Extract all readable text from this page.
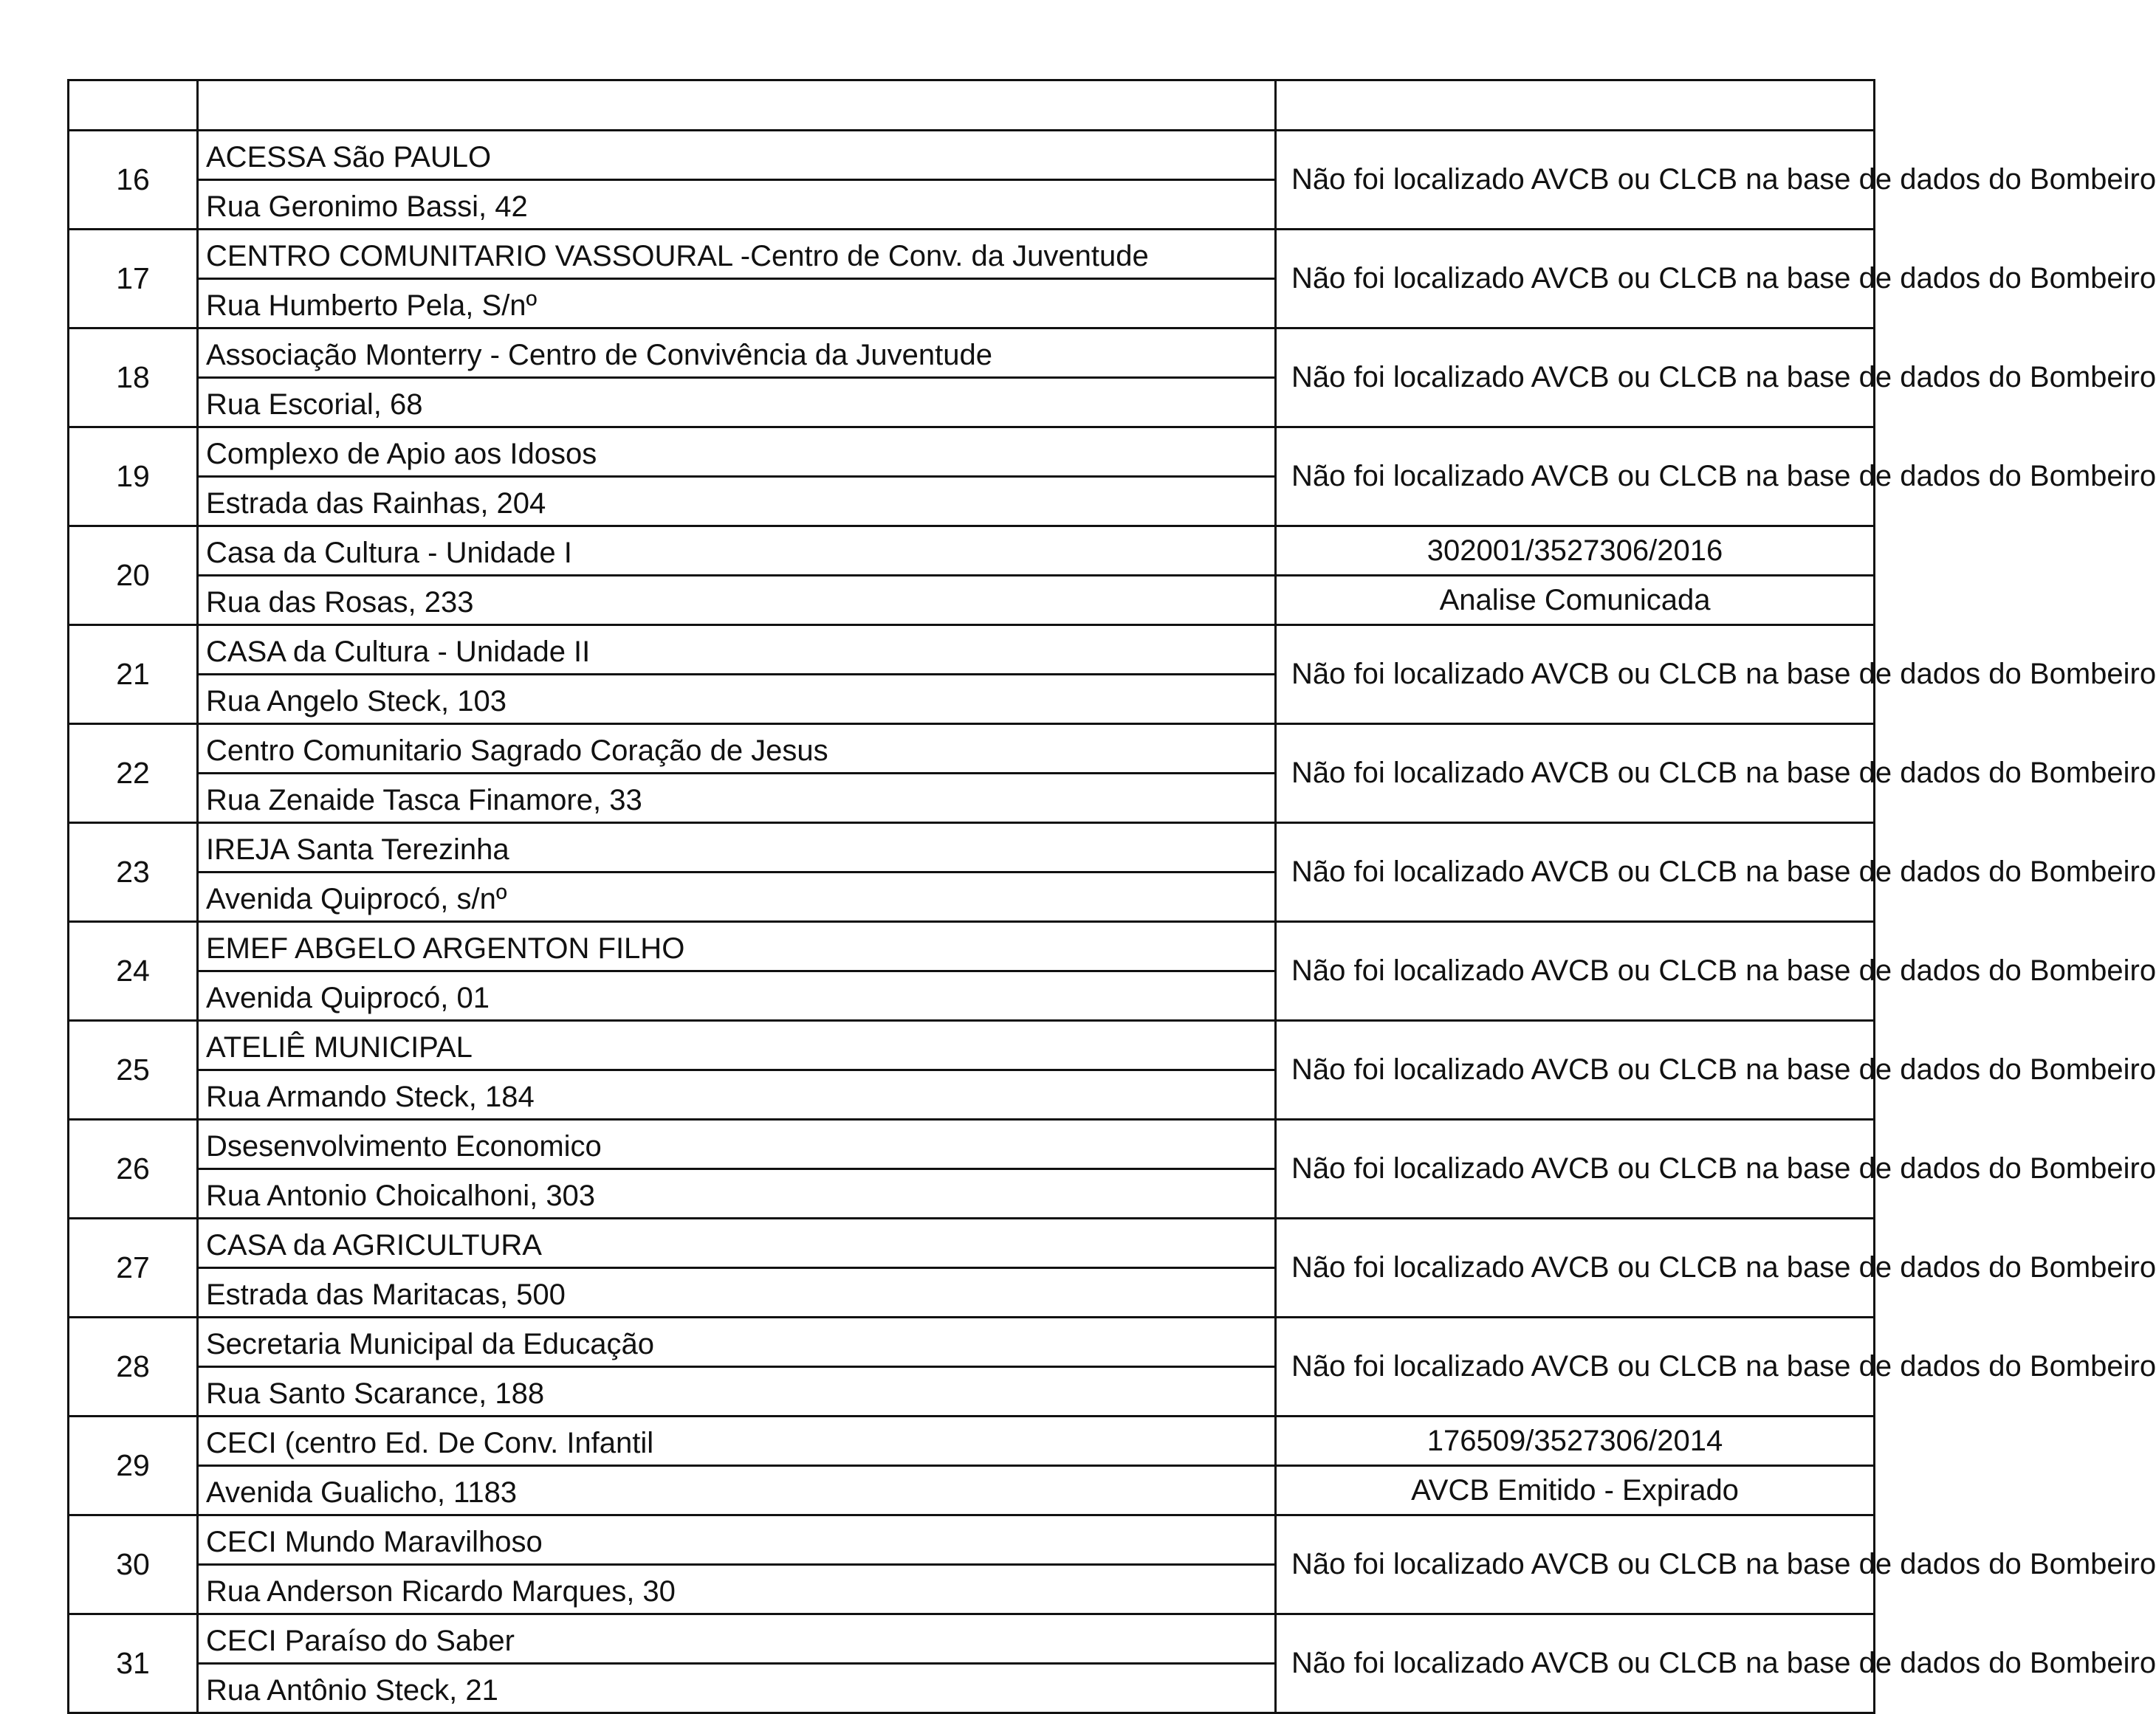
16	ACESSA São PAULO	Não foi localizado AVCB ou CLCB na base de dados do Bombeiro

	Rua Geronimo Bassi, 42	
17	CENTRO COMUNITARIO VASSOURAL -Centro de Conv. da Juventude	Não foi localizado AVCB ou CLCB na base de dados do Bombeiro

	Rua Humberto Pela, S/nº	
18	Associação Monterry - Centro de Convivência da Juventude	Não foi localizado AVCB ou CLCB na base de dados do Bombeiro

	Rua Escorial, 68	
19	Complexo de Apio aos Idosos	Não foi localizado AVCB ou CLCB na base de dados do Bombeiro

	Estrada das Rainhas, 204	
20	Casa da Cultura - Unidade I	302001/3527306/2016
	Rua das Rosas, 233	Analise Comunicada
21	CASA da Cultura - Unidade II	Não foi localizado AVCB ou CLCB na base de dados do Bombeiro

	Rua Angelo Steck, 103	
22	Centro Comunitario Sagrado Coração de Jesus	Não foi localizado AVCB ou CLCB na base de dados do Bombeiro

	Rua Zenaide Tasca Finamore, 33	
23	IREJA Santa Terezinha	Não foi localizado AVCB ou CLCB na base de dados do Bombeiro

	Avenida Quiprocó, s/nº	
24	EMEF ABGELO ARGENTON FILHO	Não foi localizado AVCB ou CLCB na base de dados do Bombeiro

	Avenida Quiprocó, 01	
25	ATELIÊ MUNICIPAL	Não foi localizado AVCB ou CLCB na base de dados do Bombeiro

	Rua Armando Steck, 184	
26	Dsesenvolvimento Economico	Não foi localizado AVCB ou CLCB na base de dados do Bombeiro

	Rua Antonio Choicalhoni, 303	
27	CASA da AGRICULTURA	Não foi localizado AVCB ou CLCB na base de dados do Bombeiro

	Estrada das Maritacas, 500	
28	Secretaria Municipal da Educação	Não foi localizado AVCB ou CLCB na base de dados do Bombeiro

	Rua Santo Scarance, 188	
29	CECI (centro Ed. De Conv. Infantil	176509/3527306/2014
	Avenida Gualicho, 1183	AVCB Emitido - Expirado
30	CECI Mundo Maravilhoso	Não foi localizado AVCB ou CLCB na base de dados do Bombeiro

	Rua Anderson Ricardo Marques, 30	
31	CECI Paraíso do Saber	Não foi localizado AVCB ou CLCB na base de dados do Bombeiro

	Rua Antônio Steck, 21	
